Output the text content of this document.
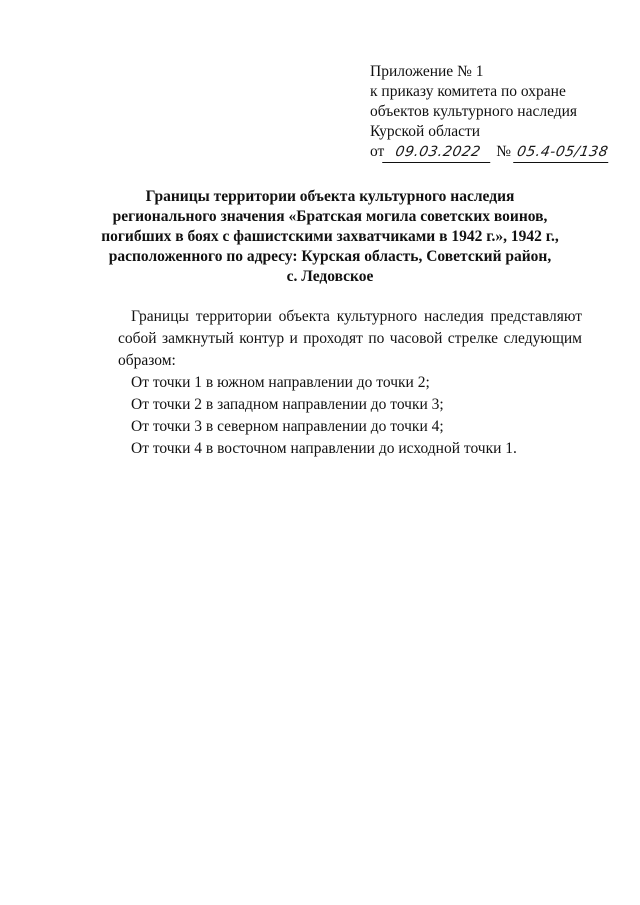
Приложение № 1
к приказу комитета по охране
объектов культурного наследия
Курской области
от 09.03.2022 № 05.4-05/138
Границы территории объекта культурного наследия
регионального значения «Братская могила советских воинов,
погибших в боях с фашистскими захватчиками в 1942 г.», 1942 г.,
расположенного по адресу: Курская область, Советский район,
с. Ледовское

Границы территории объекта культурного наследия представляют собой замкнутый контур и проходят по часовой стрелке следующим образом:

От точки 1 в южном направлении до точки 2;

От точки 2 в западном направлении до точки 3;

От точки 3 в северном направлении до точки 4;

От точки 4 в восточном направлении до исходной точки 1.
